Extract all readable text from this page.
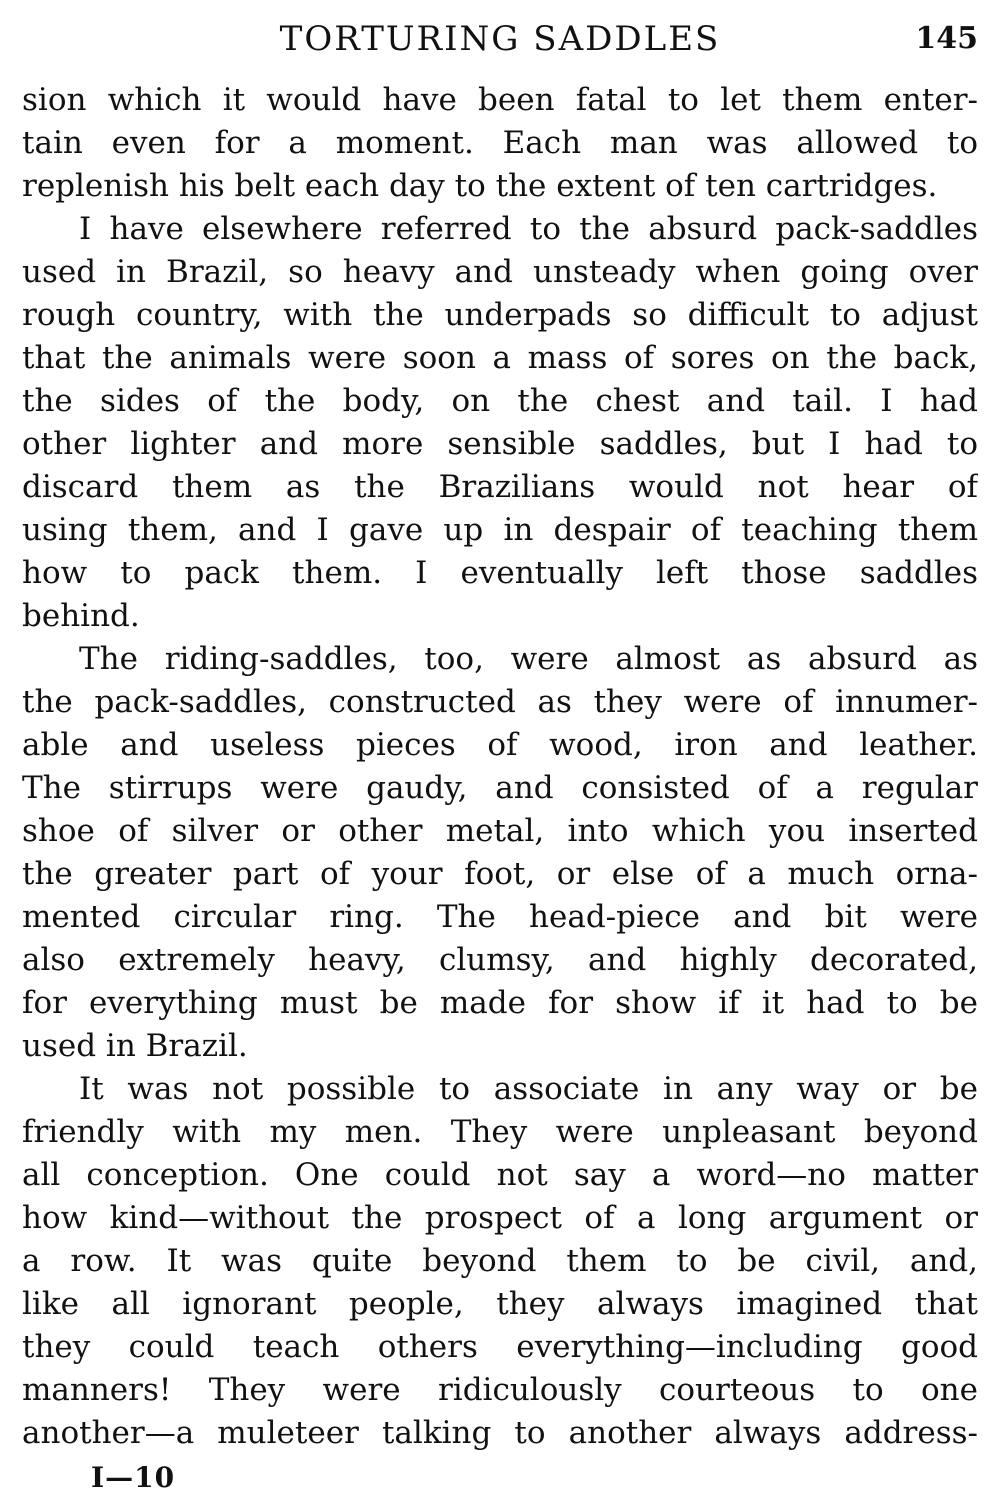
TORTURING SADDLES	145
sion which it would have been fatal to let them enter-
tain even for a moment. Each man was allowed to
replenish his belt each day to the extent of ten cartridges.
I have elsewhere referred to the absurd pack-saddles
used in Brazil, so heavy and unsteady when going over
rough country, with the underpads so difficult to adjust
that the animals were soon a mass of sores on the back,
the sides of the body, on the chest and tail. I had
other lighter and more sensible saddles, but I had to
discard them as the Brazilians would not hear of
using them, and I gave up in despair of teaching them
how to pack them. I eventually left those saddles
behind.
The riding-saddles, too, were almost as absurd as
the pack-saddles, constructed as they were of innumer-
able and useless pieces of wood, iron and leather.
The stirrups were gaudy, and consisted of a regular
shoe of silver or other metal, into which you inserted
the greater part of your foot, or else of a much orna-
mented circular ring. The head-piece and bit were
also extremely heavy, clumsy, and highly decorated,
for everything must be made for show if it had to be
used in Brazil.
It was not possible to associate in any way or be
friendly with my men. They were unpleasant beyond
all conception. One could not say a word—no matter
how kind—without the prospect of a long argument or
a row. It was quite beyond them to be civil, and,
like all ignorant people, they always imagined that
they could teach others everything—including good
manners! They were ridiculously courteous to one
another—a muleteer talking to another always address-
I—10
